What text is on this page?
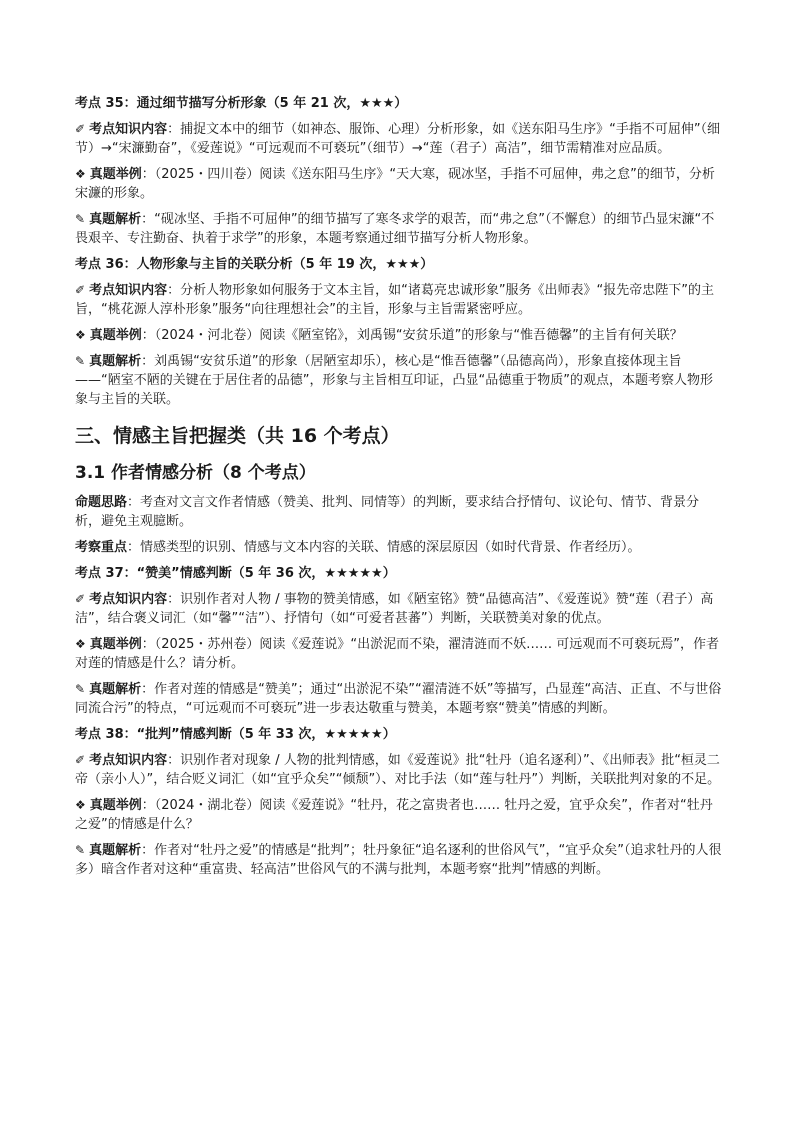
考点 35：通过细节描写分析形象（5 年 21 次，★★★）

✐ 考点知识内容：捕捉文本中的细节（如神态、服饰、心理）分析形象，如《送东阳马生序》“手指不可屈伸”（细节）→“宋濂勤奋”，《爱莲说》“可远观而不可亵玩”（细节）→“莲（君子）高洁”，细节需精准对应品质。

❖ 真题举例：（2025・四川卷）阅读《送东阳马生序》“天大寒，砚冰坚，手指不可屈伸，弗之怠”的细节，分析宋濂的形象。

✎ 真题解析：“砚冰坚、手指不可屈伸”的细节描写了寒冬求学的艰苦，而“弗之怠”（不懈怠）的细节凸显宋濂“不畏艰辛、专注勤奋、执着于求学”的形象，本题考察通过细节描写分析人物形象。

考点 36：人物形象与主旨的关联分析（5 年 19 次，★★★）

✐ 考点知识内容：分析人物形象如何服务于文本主旨，如“诸葛亮忠诚形象”服务《出师表》“报先帝忠陛下”的主旨，“桃花源人淳朴形象”服务“向往理想社会”的主旨，形象与主旨需紧密呼应。

❖ 真题举例：（2024・河北卷）阅读《陋室铭》，刘禹锡“安贫乐道”的形象与“惟吾德馨”的主旨有何关联？

✎ 真题解析：刘禹锡“安贫乐道”的形象（居陋室却乐），核心是“惟吾德馨”（品德高尚），形象直接体现主旨 ——“陋室不陋的关键在于居住者的品德”，形象与主旨相互印证，凸显“品德重于物质”的观点，本题考察人物形象与主旨的关联。

三、情感主旨把握类（共 16 个考点）
3.1 作者情感分析（8 个考点）

命题思路：考查对文言文作者情感（赞美、批判、同情等）的判断，要求结合抒情句、议论句、情节、背景分析，避免主观臆断。

考察重点：情感类型的识别、情感与文本内容的关联、情感的深层原因（如时代背景、作者经历）。

考点 37：“赞美”情感判断（5 年 36 次，★★★★★）

✐ 考点知识内容：识别作者对人物 / 事物的赞美情感，如《陋室铭》赞“品德高洁”、《爱莲说》赞“莲（君子）高洁”，结合褒义词汇（如“馨”“洁”）、抒情句（如“可爱者甚蕃”）判断，关联赞美对象的优点。

❖ 真题举例：（2025・苏州卷）阅读《爱莲说》“出淤泥而不染，濯清涟而不妖…… 可远观而不可亵玩焉”，作者对莲的情感是什么？请分析。

✎ 真题解析：作者对莲的情感是“赞美”；通过“出淤泥不染”“濯清涟不妖”等描写，凸显莲“高洁、正直、不与世俗同流合污”的特点，“可远观而不可亵玩”进一步表达敬重与赞美，本题考察“赞美”情感的判断。

考点 38：“批判”情感判断（5 年 33 次，★★★★★）

✐ 考点知识内容：识别作者对现象 / 人物的批判情感，如《爱莲说》批“牡丹（追名逐利）”、《出师表》批“桓灵二帝（亲小人）”，结合贬义词汇（如“宜乎众矣”“倾颓”）、对比手法（如“莲与牡丹”）判断，关联批判对象的不足。

❖ 真题举例：（2024・湖北卷）阅读《爱莲说》“牡丹，花之富贵者也…… 牡丹之爱，宜乎众矣”，作者对“牡丹之爱”的情感是什么？

✎ 真题解析：作者对“牡丹之爱”的情感是“批判”；牡丹象征“追名逐利的世俗风气”，“宜乎众矣”（追求牡丹的人很多）暗含作者对这种“重富贵、轻高洁”世俗风气的不满与批判，本题考察“批判”情感的判断。
